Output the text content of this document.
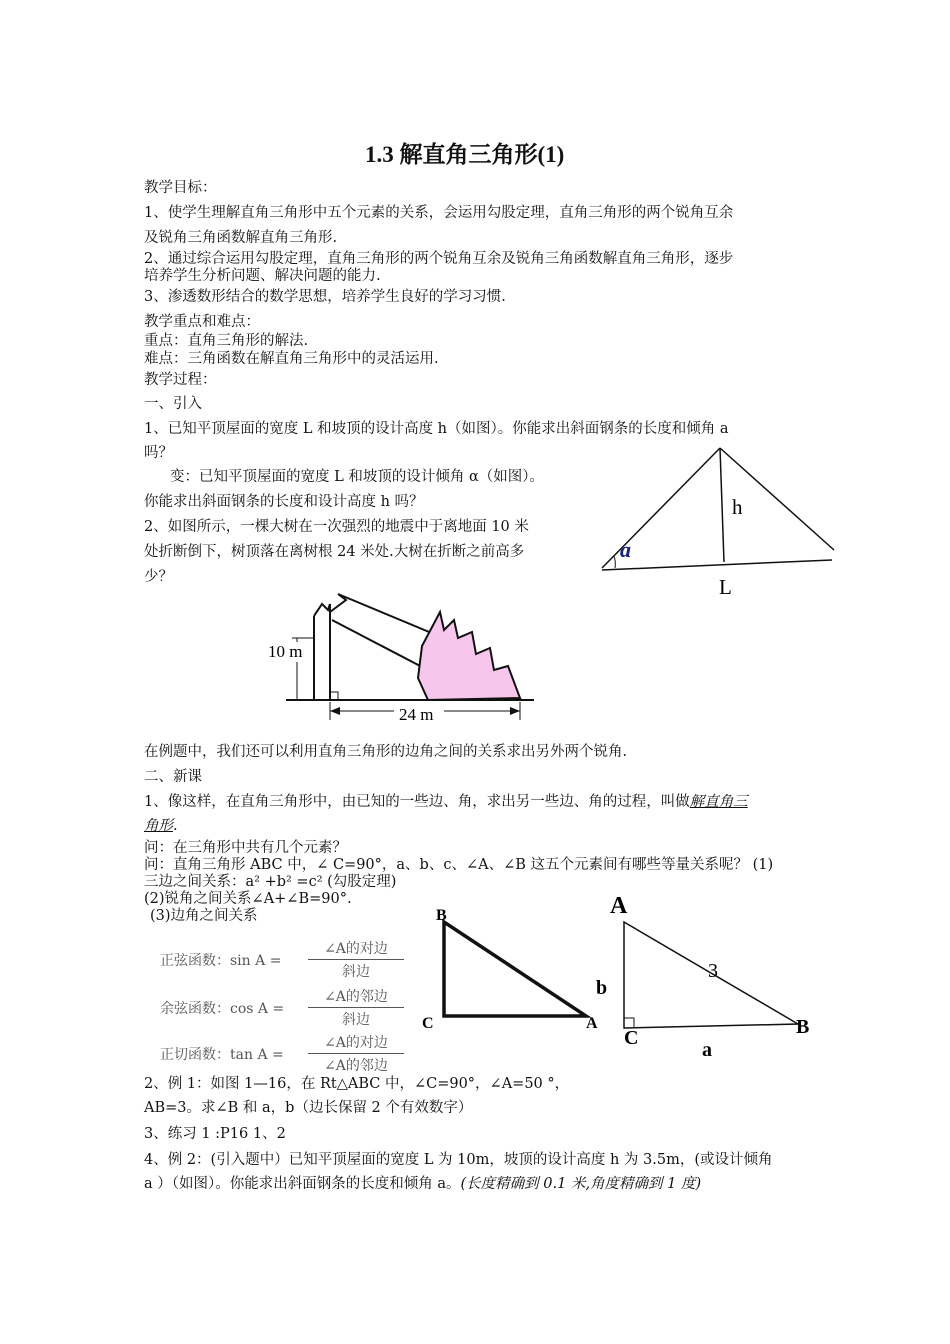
1.3 解直角三角形(1)
教学目标：
1、使学生理解直角三角形中五个元素的关系，会运用勾股定理，直角三角形的两个锐角互余
及锐角三角函数解直角三角形.
2、通过综合运用勾股定理，直角三角形的两个锐角互余及锐角三角函数解直角三角形，逐步
培养学生分析问题、解决问题的能力.
3、渗透数形结合的数学思想，培养学生良好的学习习惯.
教学重点和难点：
重点：直角三角形的解法.
难点：三角函数在解直角三角形中的灵活运用.
教学过程：
一、引入
1、已知平顶屋面的宽度 L 和坡顶的设计高度 h（如图）。你能求出斜面钢条的长度和倾角 a
吗？
变：已知平顶屋面的宽度 L 和坡顶的设计倾角 α（如图）。
你能求出斜面钢条的长度和设计高度 h 吗？
2、如图所示，一棵大树在一次强烈的地震中于离地面 10 米
处折断倒下，树顶落在离树根 24 米处.大树在折断之前高多
少？
h
a
L
10 m
24 m
在例题中，我们还可以利用直角三角形的边角之间的关系求出另外两个锐角.
二、新课
1、像这样，在直角三角形中，由已知的一些边、角，求出另一些边、角的过程，叫做解直角三
角形.
问：在三角形中共有几个元素？
问：直角三角形 ABC 中，∠ C=90°，a、b、c、∠A、∠B 这五个元素间有哪些等量关系呢？ (1)
三边之间关系：a² +b² =c² (勾股定理)
(2)锐角之间关系∠A+∠B=90°.
(3)边角之间关系
正弦函数：sin A =
∠A的对边
斜边
余弦函数：cos A =
∠A的邻边
斜边
正切函数：tan A =
∠A的对边
∠A的邻边
B
C	A
A
b
3
B
C
a
2、例 1：如图 1—16，在 Rt△ABC 中，∠C=90°，∠A=50 °，
AB=3。求∠B 和 a，b（边长保留 2 个有效数字）
3、练习 1 :P16 1、2
4、例 2：(引入题中）已知平顶屋面的宽度 L 为 10m，坡顶的设计高度 h 为 3.5m，(或设计倾角
a ）（如图）。你能求出斜面钢条的长度和倾角 a。(长度精确到 0.1 米,角度精确到 1 度)
